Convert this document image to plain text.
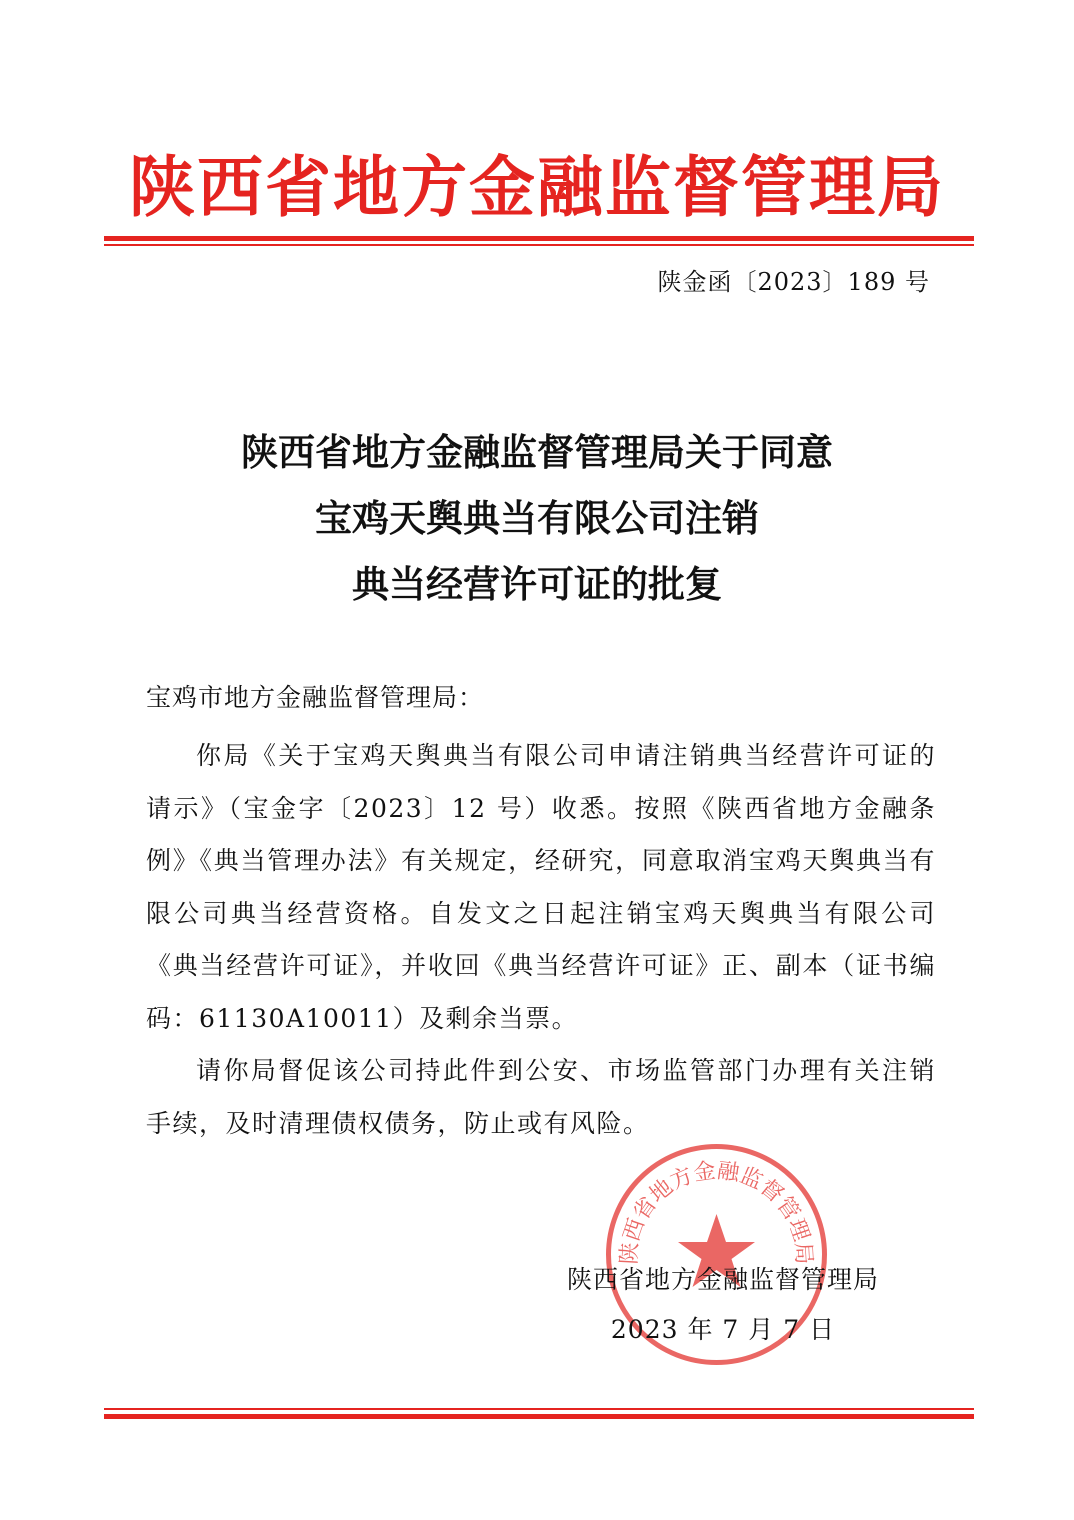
陕西省地方金融监督管理局
陕金函〔2023〕189 号
陕西省地方金融监督管理局关于同意
宝鸡天舆典当有限公司注销
典当经营许可证的批复
宝鸡市地方金融监督管理局：

你局《关于宝鸡天舆典当有限公司申请注销典当经营许可证的请示》（宝金字〔2023〕12 号）收悉。按照《陕西省地方金融条例》《典当管理办法》有关规定，经研究，同意取消宝鸡天舆典当有限公司典当经营资格。自发文之日起注销宝鸡天舆典当有限公司《典当经营许可证》，并收回《典当经营许可证》正、副本（证书编码：61130A10011）及剩余当票。

请你局督促该公司持此件到公安、市场监管部门办理有关注销手续，及时清理债权债务，防止或有风险。

陕西省地方金融监督管理局
陕西省地方金融监督管理局
2023 年 7 月 7 日
